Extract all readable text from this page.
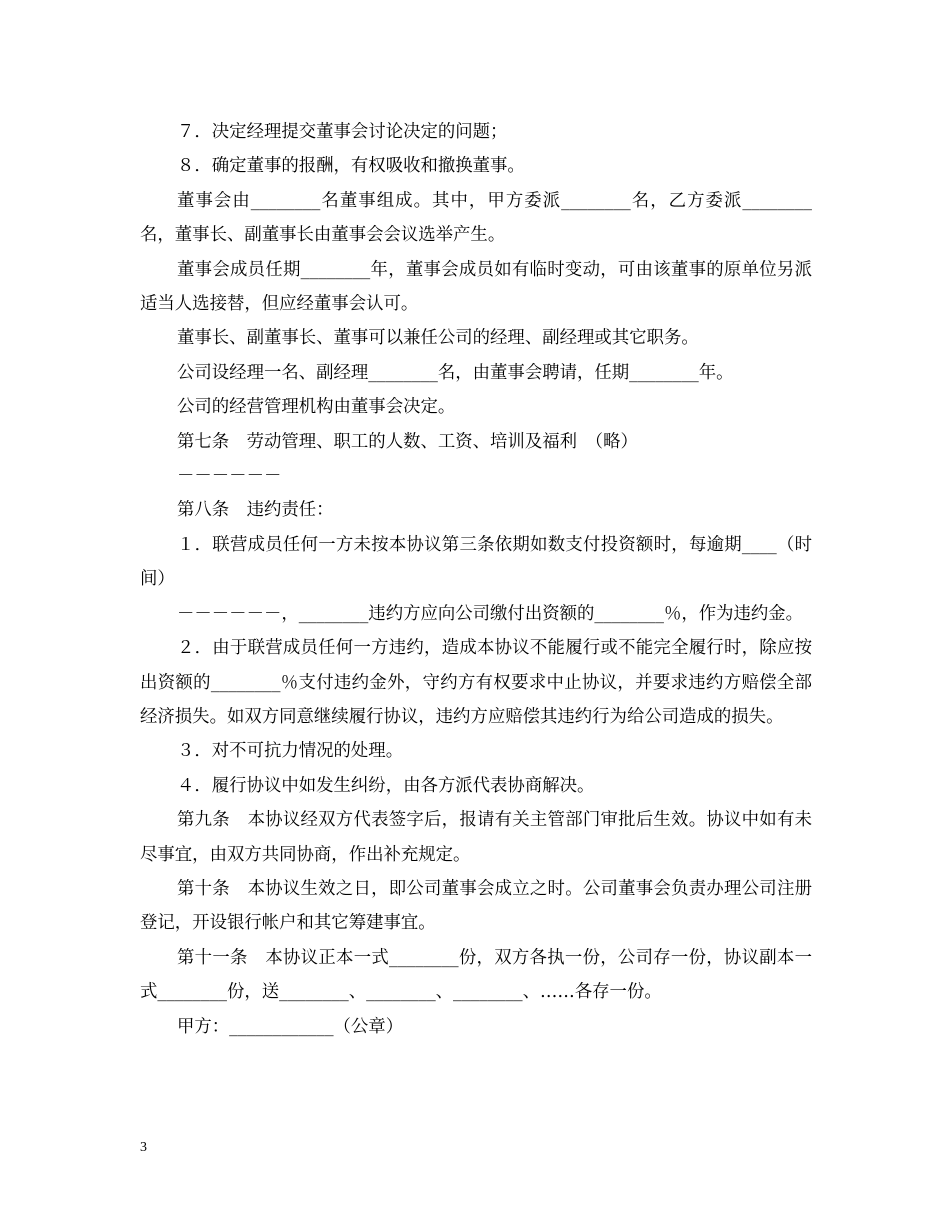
７．决定经理提交董事会讨论决定的问题；

８．确定董事的报酬，有权吸收和撤换董事。

董事会由________名董事组成。其中，甲方委派________名，乙方委派________名，董事长、副董事长由董事会会议选举产生。

董事会成员任期________年，董事会成员如有临时变动，可由该董事的原单位另派适当人选接替，但应经董事会认可。

董事长、副董事长、董事可以兼任公司的经理、副经理或其它职务。

公司设经理一名、副经理________名，由董事会聘请，任期________年。

公司的经营管理机构由董事会决定。

第七条　劳动管理、职工的人数、工资、培训及福利　（略）

－－－－－－

第八条　违约责任：

１．联营成员任何一方未按本协议第三条依期如数支付投资额时，每逾期____（时间）

－－－－－－，________违约方应向公司缴付出资额的________％，作为违约金。

２．由于联营成员任何一方违约，造成本协议不能履行或不能完全履行时，除应按出资额的________％支付违约金外，守约方有权要求中止协议，并要求违约方赔偿全部经济损失。如双方同意继续履行协议，违约方应赔偿其违约行为给公司造成的损失。

３．对不可抗力情况的处理。

４．履行协议中如发生纠纷，由各方派代表协商解决。

第九条　本协议经双方代表签字后，报请有关主管部门审批后生效。协议中如有未尽事宜，由双方共同协商，作出补充规定。

第十条　本协议生效之日，即公司董事会成立之时。公司董事会负责办理公司注册登记，开设银行帐户和其它筹建事宜。

第十一条　本协议正本一式________份，双方各执一份，公司存一份，协议副本一式________份，送________、________、________、……各存一份。

甲方：____________（公章）

3
